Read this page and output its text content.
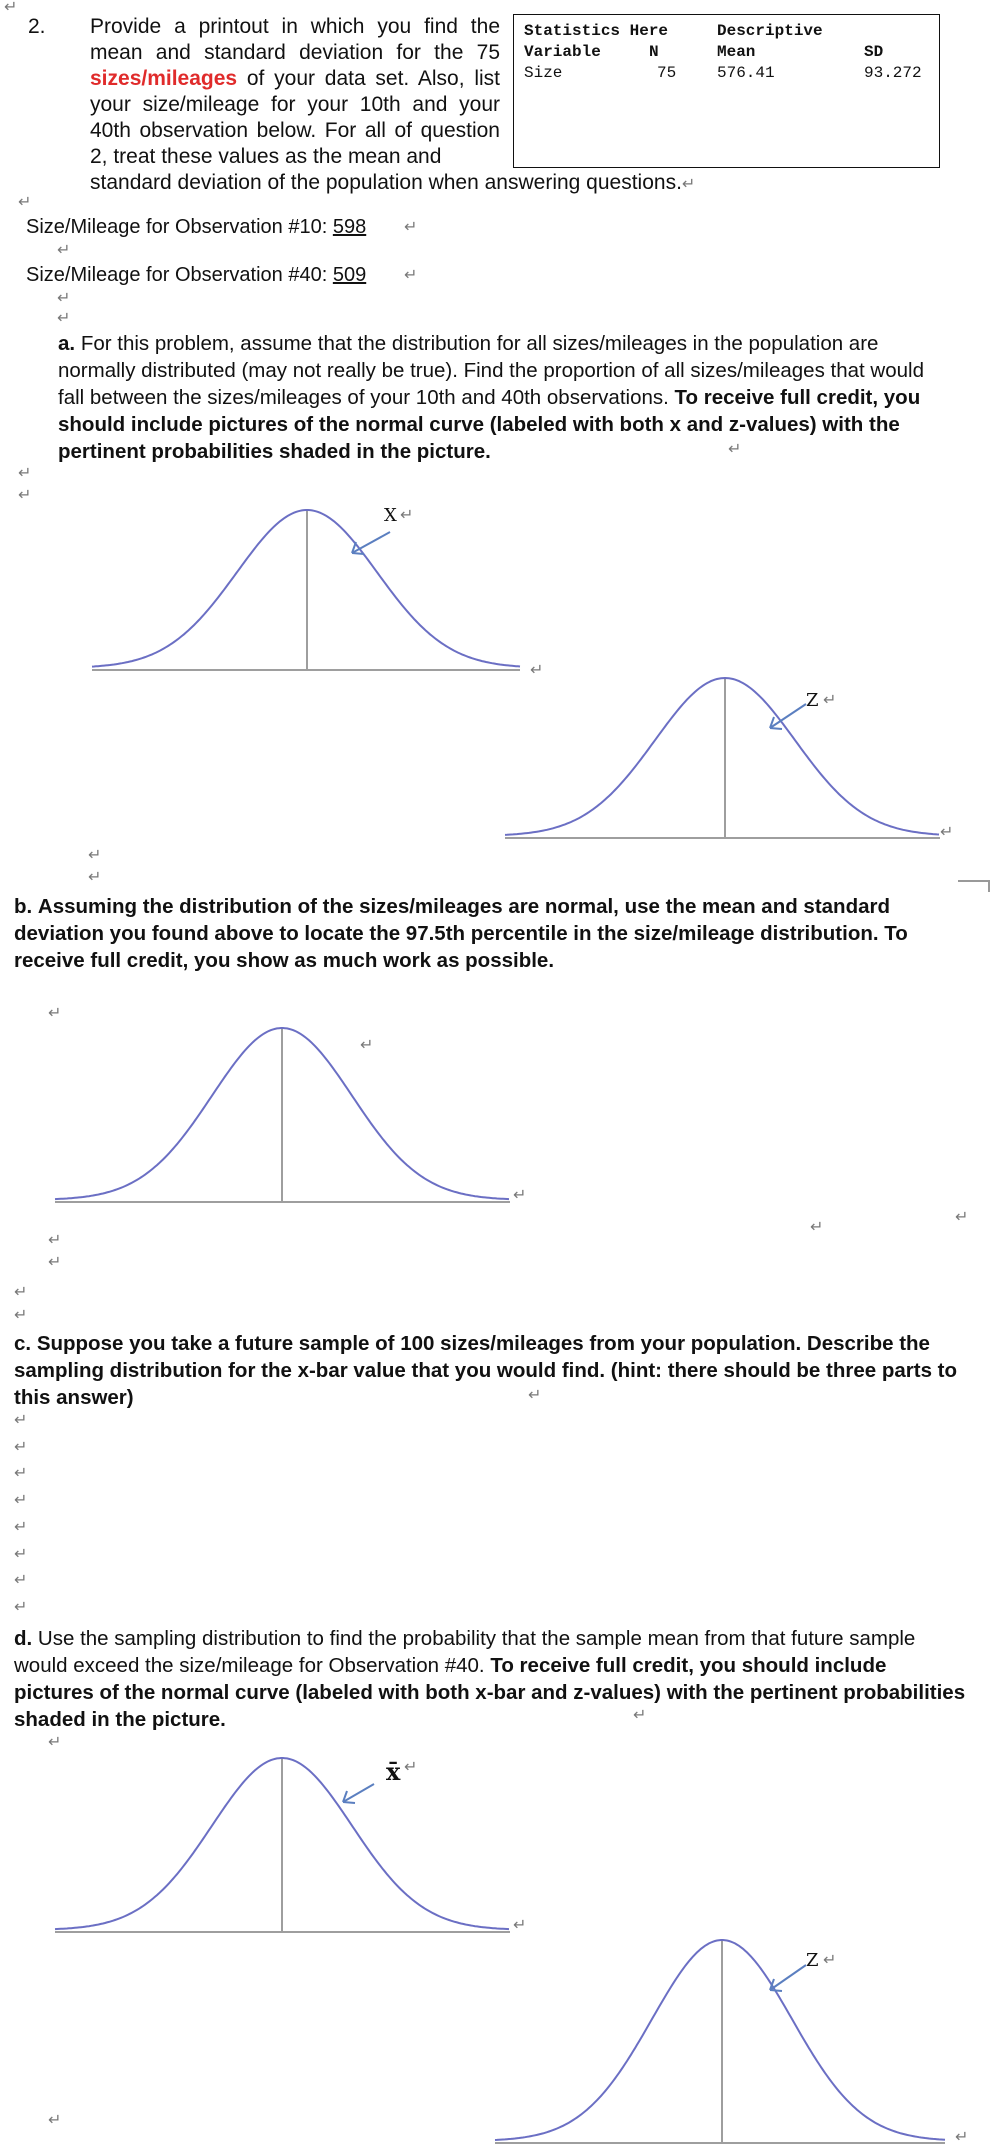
2. Provide a printout in which you find the mean and standard deviation for the 75 sizes/mileages of your data set. Also, list your size/mileage for your 10th and your 40th observation below. For all of question 2, treat these values as the mean and
standard deviation of the population when answering questions.↵
Statistics Here	Descriptive
Variable	N	Mean	SD
Size	75	576.41	93.272
Size/Mileage for Observation #10: 598
Size/Mileage for Observation #40: 509
a. For this problem, assume that the distribution for all sizes/mileages in the population are normally distributed (may not really be true). Find the proportion of all sizes/mileages that would fall between the sizes/mileages of your 10th and 40th observations. To receive full credit, you should include pictures of the normal curve (labeled with both x and z-values) with the pertinent probabilities shaded in the picture.
b. Assuming the distribution of the sizes/mileages are normal, use the mean and standard deviation you found above to locate the 97.5th percentile in the size/mileage distribution. To receive full credit, you show as much work as possible.
c. Suppose you take a future sample of 100 sizes/mileages from your population. Describe the sampling distribution for the x-bar value that you would find. (hint: there should be three parts to this answer)
d. Use the sampling distribution to find the probability that the sample mean from that future sample would exceed the size/mileage for Observation #40. To receive full credit, you should include pictures of the normal curve (labeled with both x-bar and z-values) with the pertinent probabilities shaded in the picture.
X
Z
x̄
Z
↵
↵
↵
↵
↵
↵
↵
↵
↵
↵
↵
↵
↵
↵
↵
↵
↵
↵
↵
↵
↵
↵
↵
↵
↵
↵
↵
↵
↵
↵
↵
↵
↵
↵
↵
↵
↵
↵
↵
↵
↵
